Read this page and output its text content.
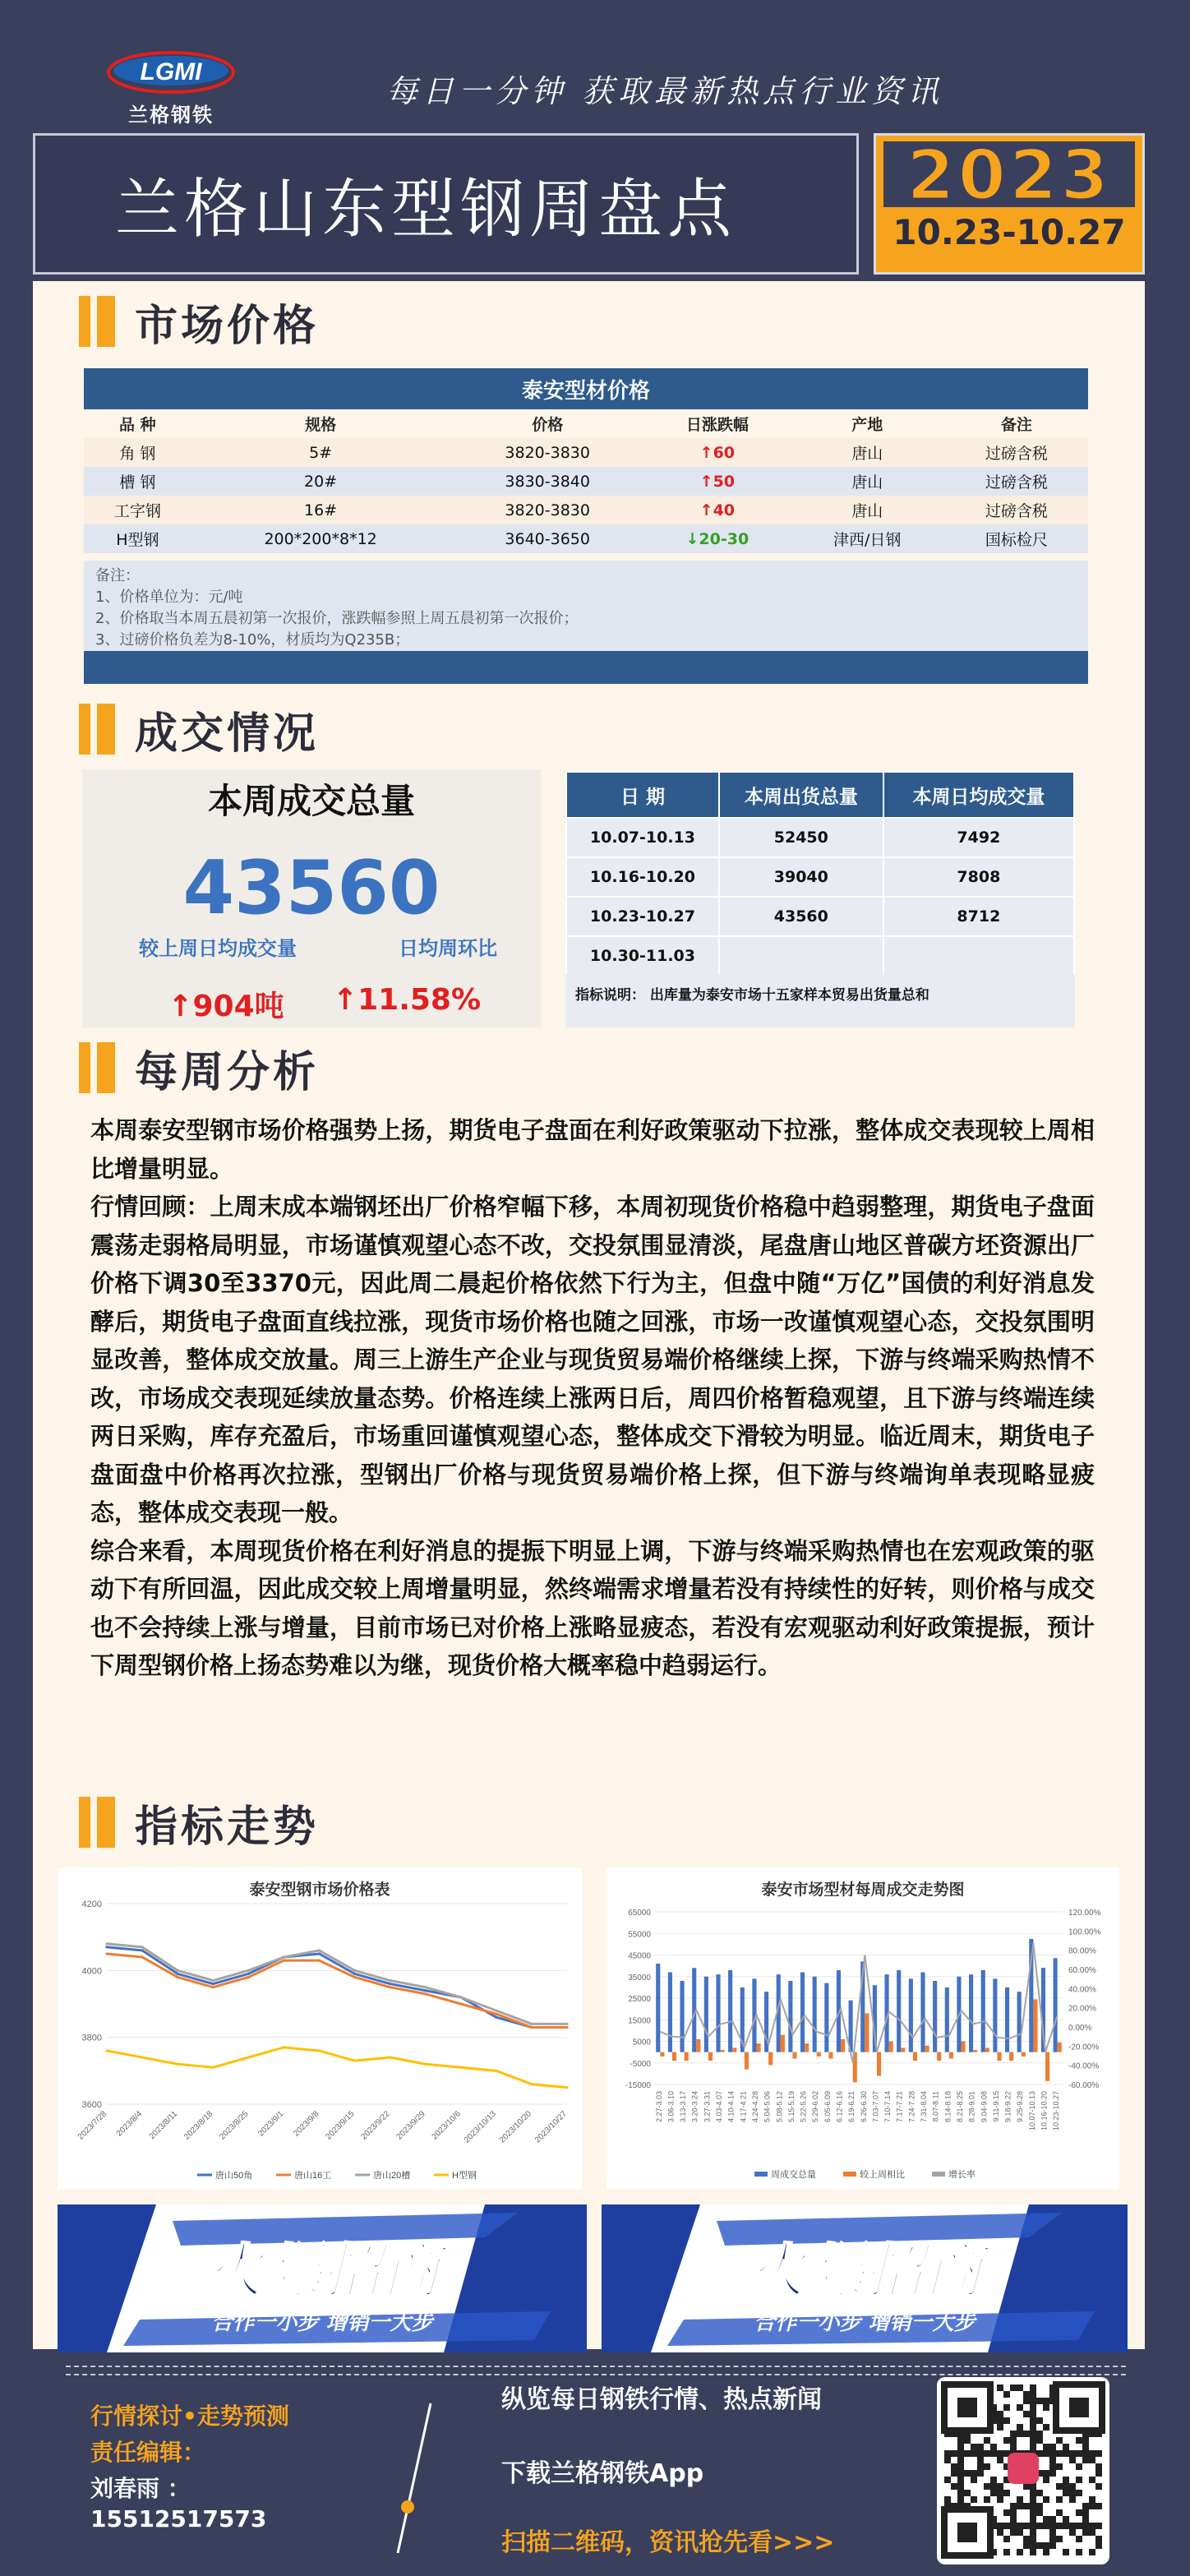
LGMI
兰格钢铁
每日一分钟 获取最新热点行业资讯
兰格山东型钢周盘点	2023
10.23-10.27
市场价格
泰安型材价格					
品 种	规格	价格	日涨跌幅	产地	备注
角 钢	5#	3820-3830	↑60	唐山	过磅含税
槽 钢	20#	3830-3840	↑50	唐山	过磅含税
工字钢	16#	3820-3830	↑40	唐山	过磅含税
H型钢	200*200*8*12	3640-3650	↓20-30	津西/日钢	国标检尺
备注：
1、价格单位为：元/吨
2、价格取当本周五晨初第一次报价，涨跌幅参照上周五晨初第一次报价；
3、过磅价格负差为8-10%，材质均为Q235B；
成交情况
本周成交总量
43560
较上周日均成交量	日均周环比
↑904吨	↑11.58%
日 期	本周出货总量	本周日均成交量
10.07-10.13	52450	7492
10.16-10.20	39040	7808
10.23-10.27	43560	8712
10.30-11.03		
指标说明： 出库量为泰安市场十五家样本贸易出货量总和
每周分析

本周泰安型钢市场价格强势上扬，期货电子盘面在利好政策驱动下拉涨，整体成交表现较上周相比增量明显。

行情回顾：上周末成本端钢坯出厂价格窄幅下移，本周初现货价格稳中趋弱整理，期货电子盘面震荡走弱格局明显，市场谨慎观望心态不改，交投氛围显清淡，尾盘唐山地区普碳方坯资源出厂价格下调30至3370元，因此周二晨起价格依然下行为主，但盘中随“万亿”国债的利好消息发酵后，期货电子盘面直线拉涨，现货市场价格也随之回涨，市场一改谨慎观望心态，交投氛围明显改善，整体成交放量。周三上游生产企业与现货贸易端价格继续上探，下游与终端采购热情不改，市场成交表现延续放量态势。价格连续上涨两日后，周四价格暂稳观望，且下游与终端连续两日采购，库存充盈后，市场重回谨慎观望心态，整体成交下滑较为明显。临近周末，期货电子盘面盘中价格再次拉涨，型钢出厂价格与现货贸易端价格上探，但下游与终端询单表现略显疲态，整体成交表现一般。

综合来看，本周现货价格在利好消息的提振下明显上调，下游与终端采购热情也在宏观政策的驱动下有所回温，因此成交较上周增量明显，然终端需求增量若没有持续性的好转，则价格与成交也不会持续上涨与增量，目前市场已对价格上涨略显疲态，若没有宏观驱动利好政策提振，预计下周型钢价格上扬态势难以为继，现货价格大概率稳中趋弱运行。

指标走势
泰安型钢市场价格表
3600
3800
4000
4200
2023/7/28 2023/8/4 2023/8/11 2023/8/18 2023/8/25 2023/9/1 2023/9/8 2023/9/15 2023/9/22 2023/9/29 2023/10/6 2023/10/13 2023/10/20 2023/10/27
唐山50角	唐山16工	唐山20槽	H型钢
泰安市场型材每周成交走势图
-15000
-5000
5000
15000
25000
35000
45000
55000
65000	120.00%
100.00%
80.00%
60.00%
40.00%
20.00%
0.00%
-20.00%
-40.00%
-60.00%
2.27-3.03 3.06-3.10 3.13-3.17 3.20-3.24 3.27-3.31 4.03-4.07 4.10-4.14 4.17-4.21 4.24-4.28 5.04-5.06 5.08-5.12 5.15-5.19 5.22-5.26 5.29-6.02 6.05-6.09 6.12-6.16 6.19-6.21 6.26-6.30 7.03-7.07 7.10-7.14 7.17-7.21 7.24-7.28 7.31-8.04 8.07-8.11 8.14-8.18 8.21-8.25 8.28-9.01 9.04-9.08 9.11-9.15 9.18-9.22 9.25-9.28 10.07-10.13 10.16-10.20 10.23-10.27
周成交总量	较上周相比	增长率
火爆招商
合作一小步 增销一大步
火爆招商
合作一小步 增销一大步
行情探讨•走势预测
责任编辑：
刘春雨 ：
15512517573
纵览每日钢铁行情、热点新闻
下载兰格钢铁App
扫描二维码，资讯抢先看>>>
